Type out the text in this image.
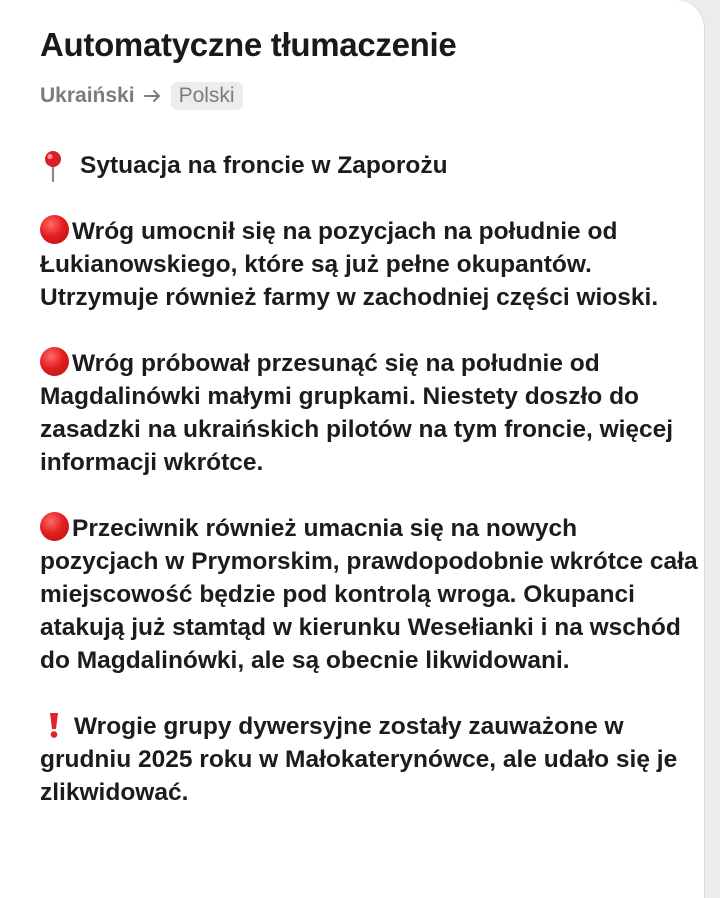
Automatyczne tłumaczenie
Ukraiński	Polski

Sytuacja na froncie w Zaporożu

Wróg umocnił się na pozycjach na południe od Łukianowskiego, które są już pełne okupantów. Utrzymuje również farmy w zachodniej części wioski.

Wróg próbował przesunąć się na południe od Magdalinówki małymi grupkami. Niestety doszło do zasadzki na ukraińskich pilotów na tym froncie, więcej informacji wkrótce.

Przeciwnik również umacnia się na nowych pozycjach w Prymorskim, prawdopodobnie wkrótce cała miejscowość będzie pod kontrolą wroga. Okupanci atakują już stamtąd w kierunku Wesełianki i na wschód do Magdalinówki, ale są obecnie likwidowani.

Wrogie grupy dywersyjne zostały zauważone w grudniu 2025 roku w Małokaterynówce, ale udało się je zlikwidować.
